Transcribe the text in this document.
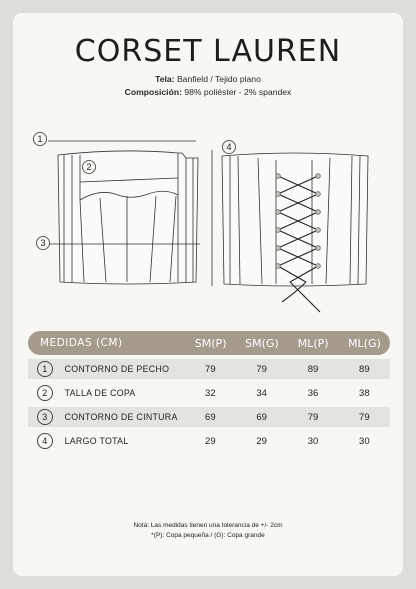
CORSET LAUREN
Tela: Banfield / Tejido plano
Composición: 98% poliéster - 2% spandex
1
2
3
4
MEDIDAS (CM)	SM(P)	SM(G)	ML(P)	ML(G)
1	CONTORNO DE PECHO	79	79	89	89
2	TALLA DE COPA	32	34	36	38
3	CONTORNO DE CINTURA	69	69	79	79
4	LARGO TOTAL	29	29	30	30
Nota: Las medidas tienen una tolerancia de +/- 2cm
*(P): Copa pequeña / (G): Copa grande
